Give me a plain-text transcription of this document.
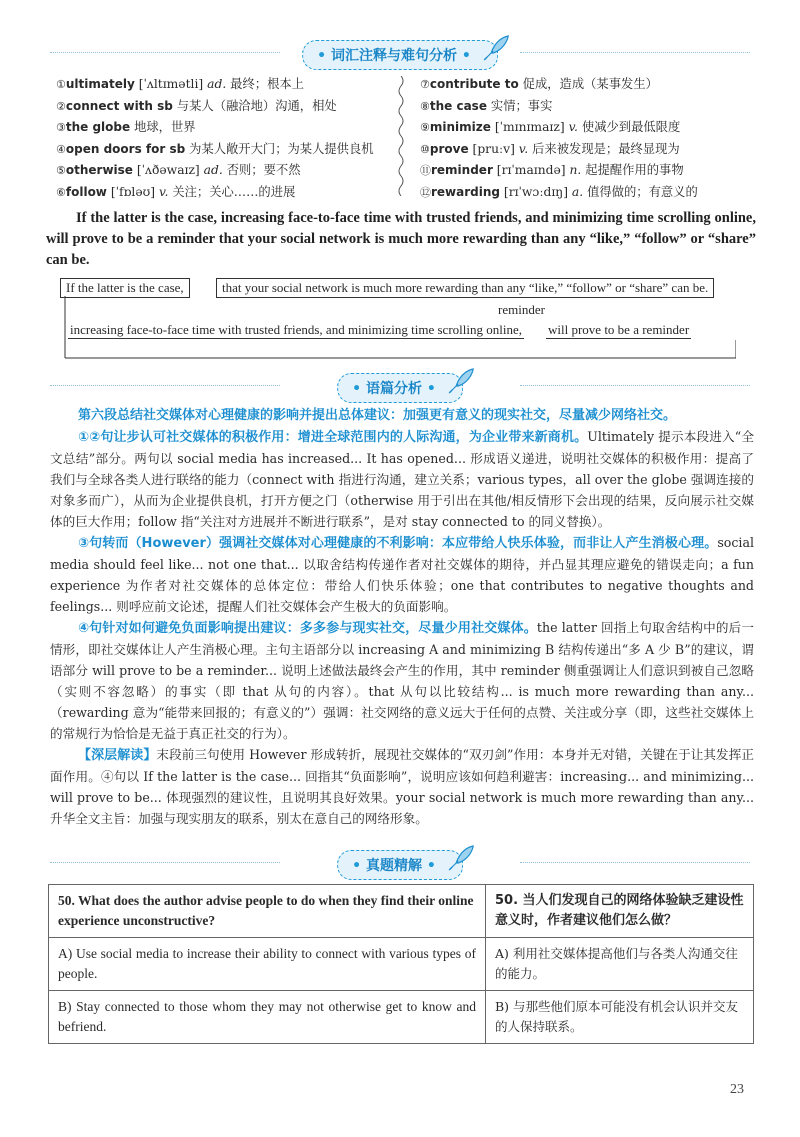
• 词汇注释与难句分析 •
①ultimately [ˈʌltɪmətli] ad. 最终；根本上
②connect with sb 与某人（融洽地）沟通，相处
③the globe 地球，世界
④open doors for sb 为某人敞开大门；为某人提供良机
⑤otherwise [ˈʌðəwaɪz] ad. 否则；要不然
⑥follow [ˈfɒləʊ] v. 关注；关心……的进展
⑦contribute to 促成，造成（某事发生）
⑧the case 实情；事实
⑨minimize [ˈmɪnɪmaɪz] v. 使减少到最低限度
⑩prove [pruːv] v. 后来被发现是；最终显现为
⑪reminder [rɪˈmaɪndə] n. 起提醒作用的事物
⑫rewarding [rɪˈwɔːdɪŋ] a. 值得做的；有意义的
If the latter is the case, increasing face-to-face time with trusted friends, and minimizing time scrolling online, will prove to be a reminder that your social network is much more rewarding than any “like,” “follow” or “share” can be.
If the latter is the case,	that your social network is much more rewarding than any “like,” “follow” or “share” can be.
reminder
increasing face-to-face time with trusted friends, and minimizing time scrolling online, will prove to be a reminder
• 语篇分析 •

第六段总结社交媒体对心理健康的影响并提出总体建议：加强更有意义的现实社交，尽量减少网络社交。

①②句让步认可社交媒体的积极作用：增进全球范围内的人际沟通，为企业带来新商机。Ultimately 提示本段进入“全文总结”部分。两句以 social media has increased... It has opened... 形成语义递进，说明社交媒体的积极作用：提高了我们与全球各类人进行联络的能力（connect with 指进行沟通，建立关系；various types，all over the globe 强调连接的对象多而广），从而为企业提供良机，打开方便之门（otherwise 用于引出在其他/相反情形下会出现的结果，反向展示社交媒体的巨大作用；follow 指“关注对方进展并不断进行联系”，是对 stay connected to 的同义替换）。

③句转而（However）强调社交媒体对心理健康的不利影响：本应带给人快乐体验，而非让人产生消极心理。social media should feel like... not one that... 以取舍结构传递作者对社交媒体的期待，并凸显其理应避免的错误走向；a fun experience 为作者对社交媒体的总体定位：带给人们快乐体验；one that contributes to negative thoughts and feelings... 则呼应前文论述，提醒人们社交媒体会产生极大的负面影响。

④句针对如何避免负面影响提出建议：多多参与现实社交，尽量少用社交媒体。the latter 回指上句取舍结构中的后一情形，即社交媒体让人产生消极心理。主句主语部分以 increasing A and minimizing B 结构传递出“多 A 少 B”的建议，谓语部分 will prove to be a reminder... 说明上述做法最终会产生的作用，其中 reminder 侧重强调让人们意识到被自己忽略（实则不容忽略）的事实（即 that 从句的内容）。that 从句以比较结构... is much more rewarding than any...（rewarding 意为“能带来回报的；有意义的”）强调：社交网络的意义远大于任何的点赞、关注或分享（即，这些社交媒体上的常规行为恰恰是无益于真正社交的行为）。

【深层解读】末段前三句使用 However 形成转折，展现社交媒体的“双刃剑”作用：本身并无对错，关键在于让其发挥正面作用。④句以 If the latter is the case... 回指其“负面影响”，说明应该如何趋利避害：increasing... and minimizing... will prove to be... 体现强烈的建议性，且说明其良好效果。your social network is much more rewarding than any... 升华全文主旨：加强与现实朋友的联系，别太在意自己的网络形象。

• 真题精解 •
50. What does the author advise people to do when they find their online experience unconstructive?	50. 当人们发现自己的网络体验缺乏建设性意义时，作者建议他们怎么做？
A) Use social media to increase their ability to connect with various types of people.	A) 利用社交媒体提高他们与各类人沟通交往的能力。
B) Stay connected to those whom they may not otherwise get to know and befriend.	B) 与那些他们原本可能没有机会认识并交友的人保持联系。
23
